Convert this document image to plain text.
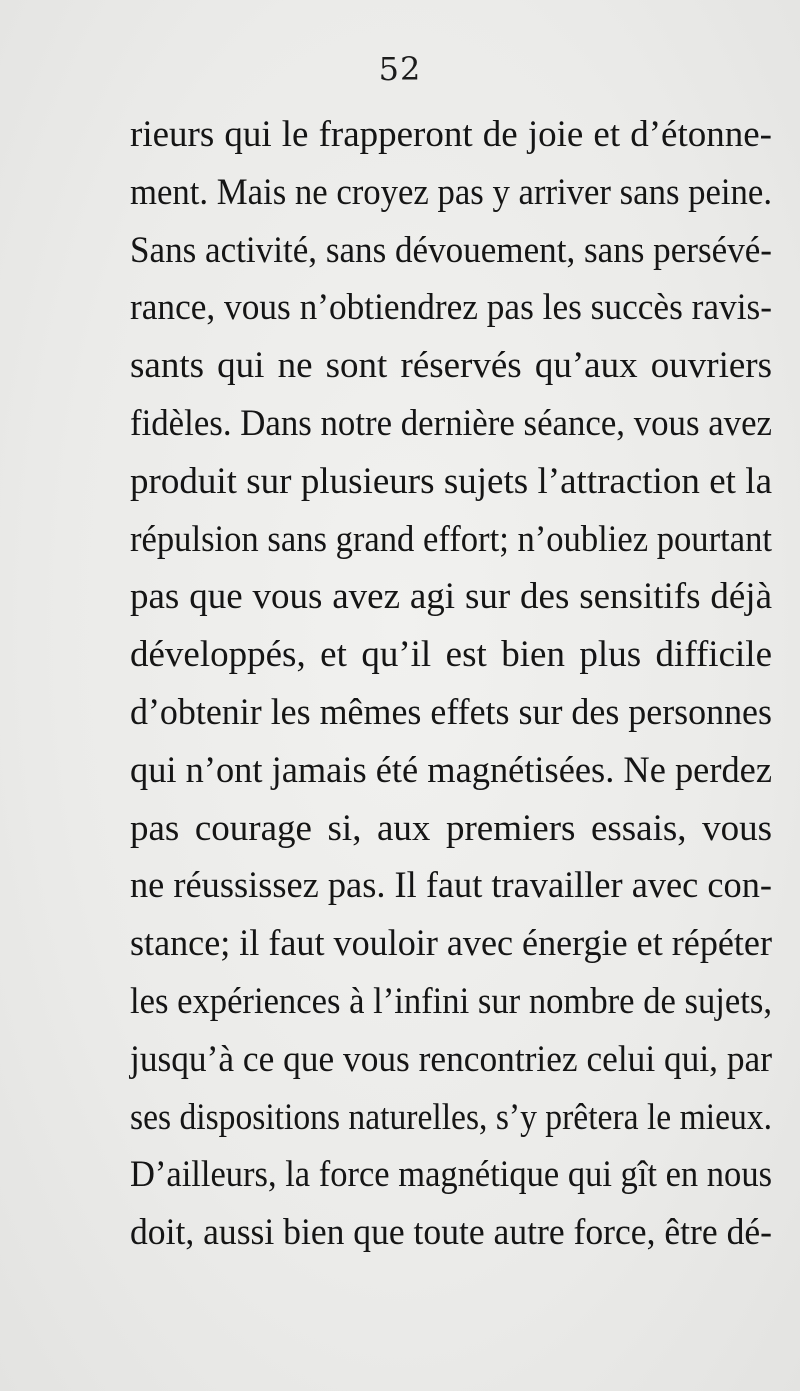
52
rieurs qui le frapperont de joie et d’étonne-
ment. Mais ne croyez pas y arriver sans peine.
Sans activité, sans dévouement, sans persévé-
rance, vous n’obtiendrez pas les succès ravis-
sants qui ne sont réservés qu’aux ouvriers
fidèles. Dans notre dernière séance, vous avez
produit sur plusieurs sujets l’attraction et la
répulsion sans grand effort; n’oubliez pourtant
pas que vous avez agi sur des sensitifs déjà
développés, et qu’il est bien plus difficile
d’obtenir les mêmes effets sur des personnes
qui n’ont jamais été magnétisées. Ne perdez
pas courage si, aux premiers essais, vous
ne réussissez pas. Il faut travailler avec con-
stance; il faut vouloir avec énergie et répéter
les expériences à l’infini sur nombre de sujets,
jusqu’à ce que vous rencontriez celui qui, par
ses dispositions naturelles, s’y prêtera le mieux.
D’ailleurs, la force magnétique qui gît en nous
doit, aussi bien que toute autre force, être dé-
